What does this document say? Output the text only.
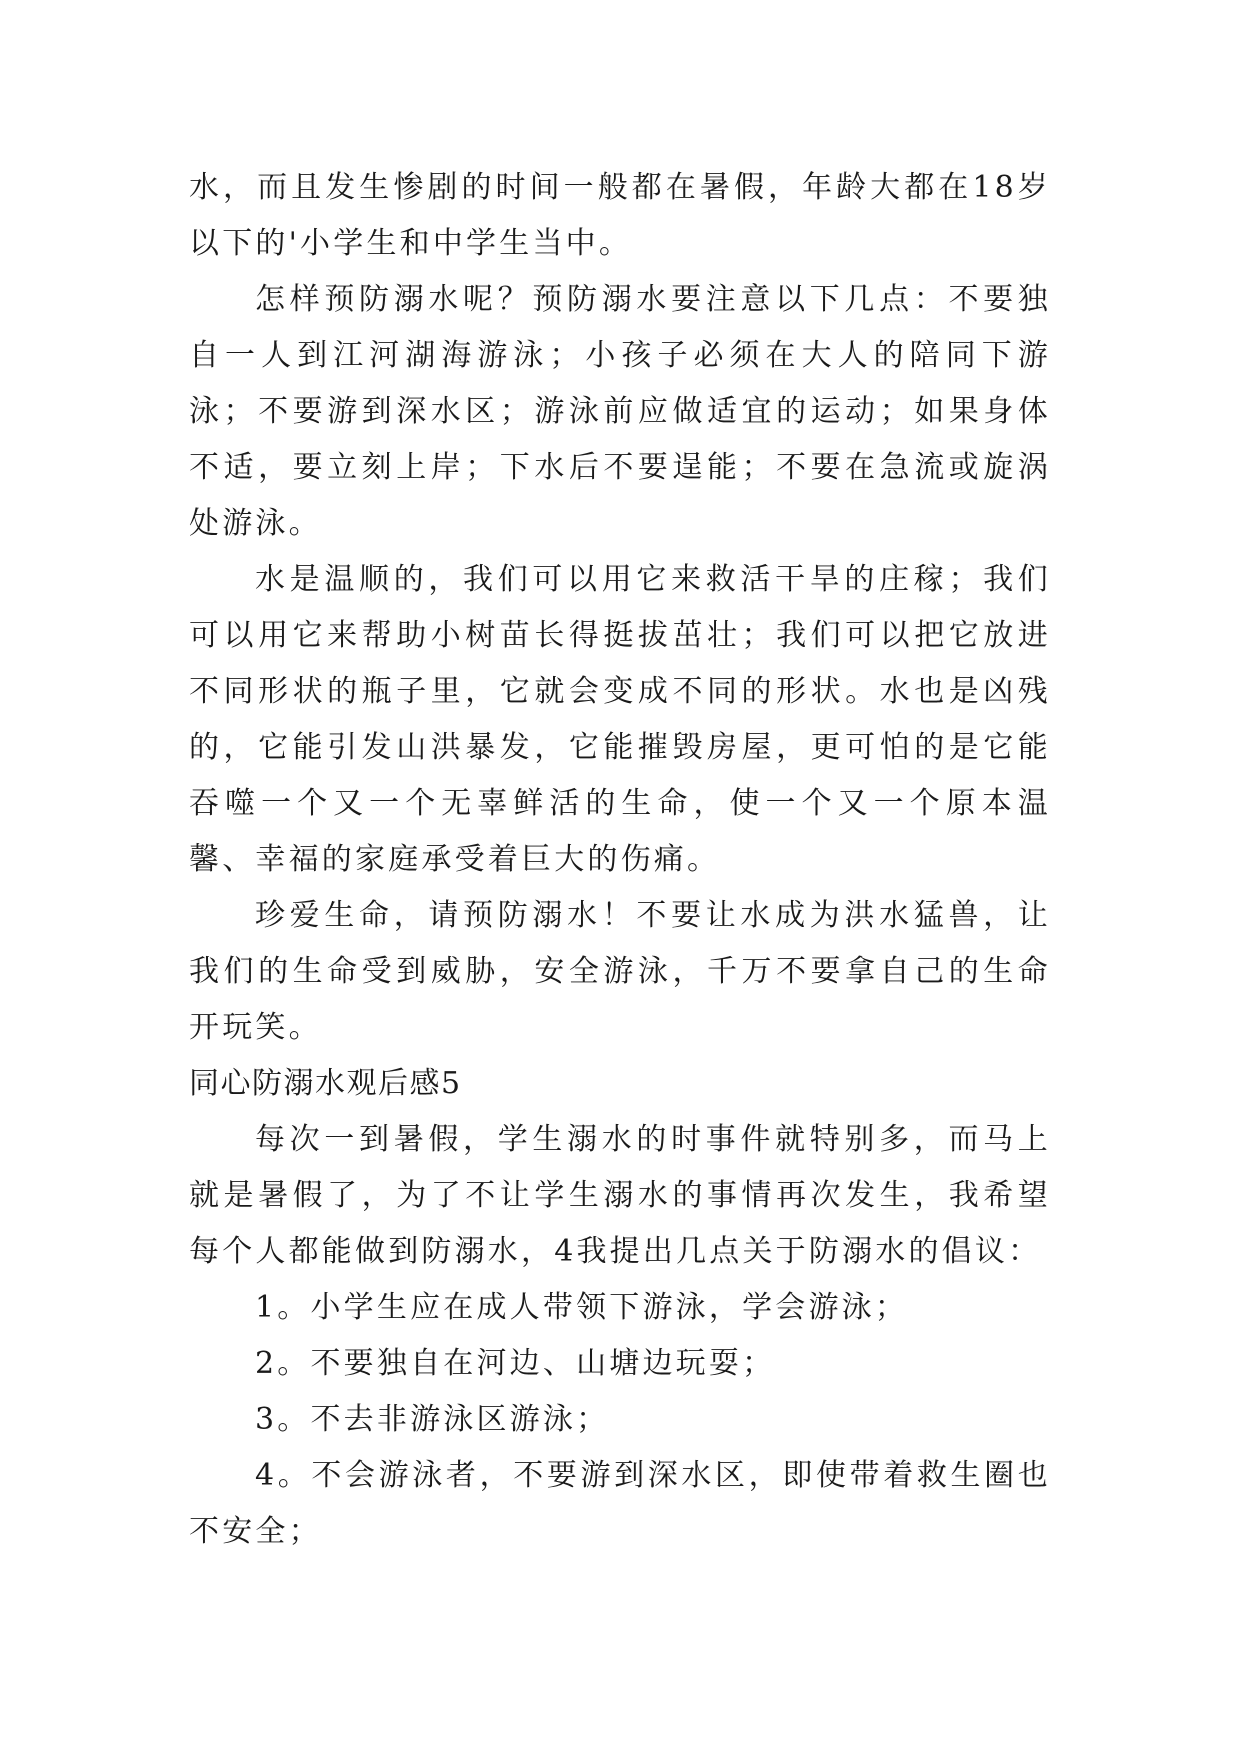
水，而且发生惨剧的时间一般都在暑假，年龄大都在18岁以下的'小学生和中学生当中。

怎样预防溺水呢？预防溺水要注意以下几点：不要独自一人到江河湖海游泳；小孩子必须在大人的陪同下游泳；不要游到深水区；游泳前应做适宜的运动；如果身体不适，要立刻上岸；下水后不要逞能；不要在急流或旋涡处游泳。

水是温顺的，我们可以用它来救活干旱的庄稼；我们可以用它来帮助小树苗长得挺拔茁壮；我们可以把它放进不同形状的瓶子里，它就会变成不同的形状。水也是凶残的，它能引发山洪暴发，它能摧毁房屋，更可怕的是它能吞噬一个又一个无辜鲜活的生命，使一个又一个原本温馨、幸福的家庭承受着巨大的伤痛。

珍爱生命，请预防溺水！不要让水成为洪水猛兽，让我们的生命受到威胁，安全游泳，千万不要拿自己的生命开玩笑。

同心防溺水观后感5

每次一到暑假，学生溺水的时事件就特别多，而马上就是暑假了，为了不让学生溺水的事情再次发生，我希望每个人都能做到防溺水，4我提出几点关于防溺水的倡议：

1。小学生应在成人带领下游泳，学会游泳；

2。不要独自在河边、山塘边玩耍；

3。不去非游泳区游泳；

4。不会游泳者，不要游到深水区，即使带着救生圈也不安全；
